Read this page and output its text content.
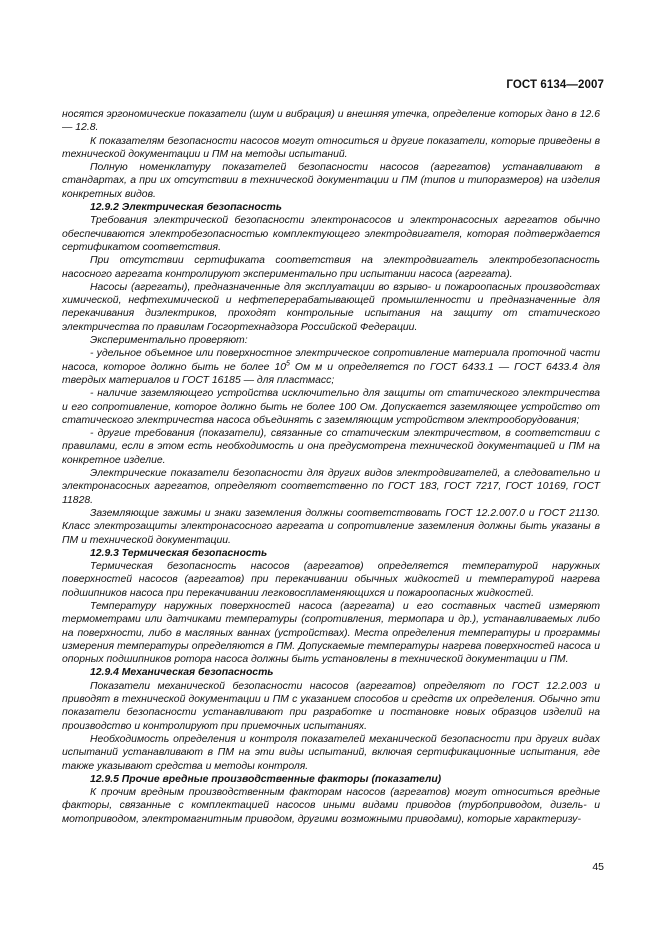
ГОСТ 6134—2007

носятся эргономические показатели (шум и вибрация) и внешняя утечка, определение которых дано в 12.6 — 12.8.

К показателям безопасности насосов могут относиться и другие показатели, которые приведены в технической документации и ПМ на методы испытаний.

Полную номенклатуру показателей безопасности насосов (агрегатов) устанавливают в стандартах, а при их отсутствии в технической документации и ПМ (типов и типоразмеров) на изделия конкретных видов.

12.9.2 Электрическая безопасность

Требования электрической безопасности электронасосов и электронасосных агрегатов обычно обеспечиваются электробезопасностью комплектующего электродвигателя, которая подтверждается сертификатом соответствия.

При отсутствии сертификата соответствия на электродвигатель электробезопасность насосного агрегата контролируют экспериментально при испытании насоса (агрегата).

Насосы (агрегаты), предназначенные для эксплуатации во взрыво- и пожароопасных производствах химической, нефтехимической и нефтеперерабатывающей промышленности и предназначенные для перекачивания диэлектриков, проходят контрольные испытания на защиту от статического электричества по правилам Госгортехнадзора Российской Федерации.

Экспериментально проверяют:

- удельное объемное или поверхностное электрическое сопротивление материала проточной части насоса, которое должно быть не более $10^5$ Ом м и определяется по ГОСТ 6433.1 — ГОСТ 6433.4 для твердых материалов и ГОСТ 16185 — для пластмасс;

- наличие заземляющего устройства исключительно для защиты от статического электричества и его сопротивление, которое должно быть не более 100 Ом. Допускается заземляющее устройство от статического электричества насоса объединять с заземляющим устройством электрооборудования;

- другие требования (показатели), связанные со статическим электричеством, в соответствии с правилами, если в этом есть необходимость и она предусмотрена технической документацией и ПМ на конкретное изделие.

Электрические показатели безопасности для других видов электродвигателей, а следовательно и электронасосных агрегатов, определяют соответственно по ГОСТ 183, ГОСТ 7217, ГОСТ 10169, ГОСТ 11828.

Заземляющие зажимы и знаки заземления должны соответствовать ГОСТ 12.2.007.0 и ГОСТ 21130. Класс электрозащиты электронасосного агрегата и сопротивление заземления должны быть указаны в ПМ и технической документации.

12.9.3 Термическая безопасность

Термическая безопасность насосов (агрегатов) определяется температурой наружных поверхностей насосов (агрегатов) при перекачивании обычных жидкостей и температурой нагрева подшипников насоса при перекачивании легковоспламеняющихся и пожароопасных жидкостей.

Температуру наружных поверхностей насоса (агрегата) и его составных частей измеряют термометрами или датчиками температуры (сопротивления, термопара и др.), устанавливаемых либо на поверхности, либо в масляных ваннах (устройствах). Места определения температуры и программы измерения температуры определяются в ПМ. Допускаемые температуры нагрева поверхностей насоса и опорных подшипников ротора насоса должны быть установлены в технической документации и ПМ.

12.9.4 Механическая безопасность

Показатели механической безопасности насосов (агрегатов) определяют по ГОСТ 12.2.003 и приводят в технической документации и ПМ с указанием способов и средств их определения. Обычно эти показатели безопасности устанавливают при разработке и постановке новых образцов изделий на производство и контролируют при приемочных испытаниях.

Необходимость определения и контроля показателей механической безопасности при других видах испытаний устанавливают в ПМ на эти виды испытаний, включая сертификационные испытания, где также указывают средства и методы контроля.

12.9.5 Прочие вредные производственные факторы (показатели)

К прочим вредным производственным факторам насосов (агрегатов) могут относиться вредные факторы, связанные с комплектацией насосов иными видами приводов (турбоприводом, дизель- и мотоприводом, электромагнитным приводом, другими возможными приводами), которые характеризу-

45
